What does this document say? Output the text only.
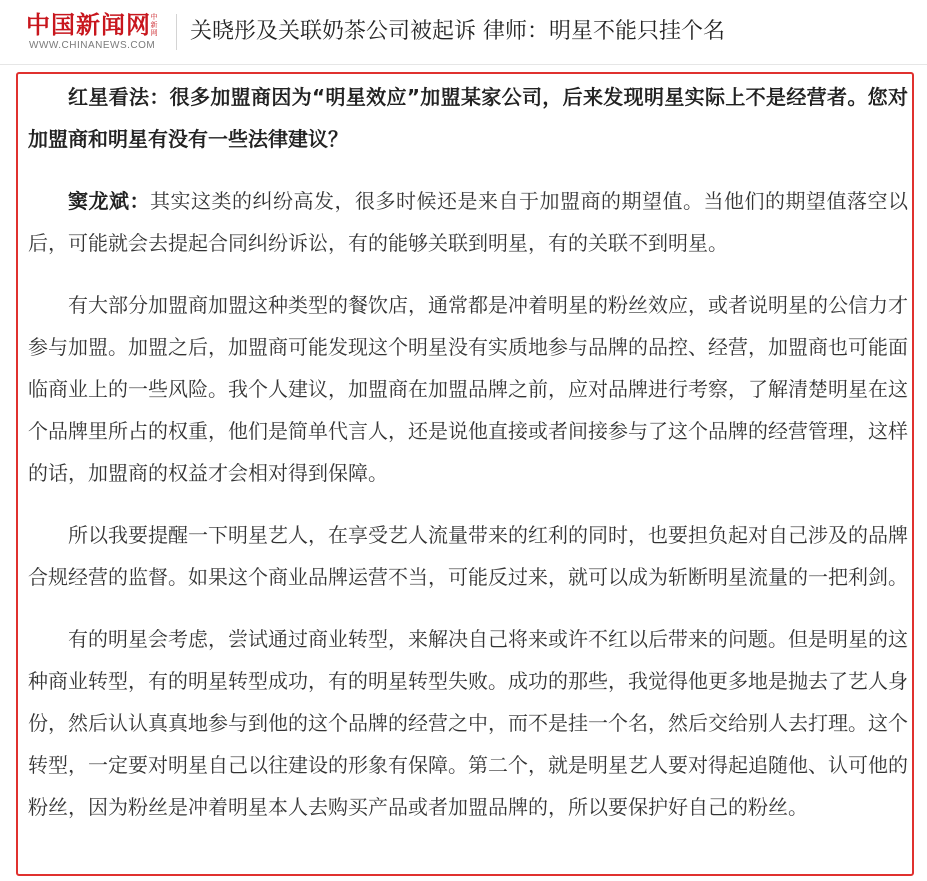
中国新闻网 中新网
WWW.CHINANEWS.COM
关晓彤及关联奶茶公司被起诉 律师：明星不能只挂个名

红星看法：很多加盟商因为“明星效应”加盟某家公司，后来发现明星实际上不是经营者。您对加盟商和明星有没有一些法律建议？

窦龙斌：其实这类的纠纷高发，很多时候还是来自于加盟商的期望值。当他们的期望值落空以后，可能就会去提起合同纠纷诉讼，有的能够关联到明星，有的关联不到明星。

有大部分加盟商加盟这种类型的餐饮店，通常都是冲着明星的粉丝效应，或者说明星的公信力才参与加盟。加盟之后，加盟商可能发现这个明星没有实质地参与品牌的品控、经营，加盟商也可能面临商业上的一些风险。我个人建议，加盟商在加盟品牌之前，应对品牌进行考察，了解清楚明星在这个品牌里所占的权重，他们是简单代言人，还是说他直接或者间接参与了这个品牌的经营管理，这样的话，加盟商的权益才会相对得到保障。

所以我要提醒一下明星艺人，在享受艺人流量带来的红利的同时，也要担负起对自己涉及的品牌合规经营的监督。如果这个商业品牌运营不当，可能反过来，就可以成为斩断明星流量的一把利剑。

有的明星会考虑，尝试通过商业转型，来解决自己将来或许不红以后带来的问题。但是明星的这种商业转型，有的明星转型成功，有的明星转型失败。成功的那些，我觉得他更多地是抛去了艺人身份，然后认认真真地参与到他的这个品牌的经营之中，而不是挂一个名，然后交给别人去打理。这个转型，一定要对明星自己以往建设的形象有保障。第二个，就是明星艺人要对得起追随他、认可他的粉丝，因为粉丝是冲着明星本人去购买产品或者加盟品牌的，所以要保护好自己的粉丝。
